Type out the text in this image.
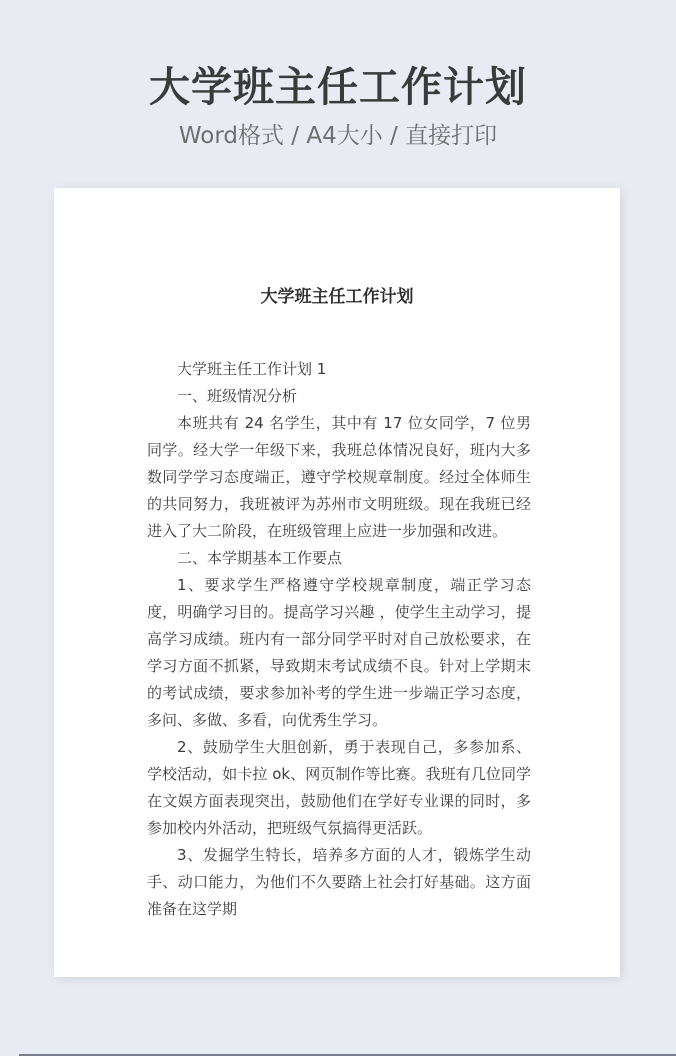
大学班主任工作计划

Word格式 / A4大小 / 直接打印

大学班主任工作计划

大学班主任工作计划 1

一、班级情况分析

本班共有 24 名学生，其中有 17 位女同学，7 位男同学。经大学一年级下来，我班总体情况良好，班内大多数同学学习态度端正，遵守学校规章制度。经过全体师生的共同努力，我班被评为苏州市文明班级。现在我班已经进入了大二阶段，在班级管理上应进一步加强和改进。

二、本学期基本工作要点

1、要求学生严格遵守学校规章制度，端正学习态度，明确学习目的。提高学习兴趣 ，使学生主动学习，提高学习成绩。班内有一部分同学平时对自己放松要求，在学习方面不抓紧，导致期末考试成绩不良。针对上学期末的考试成绩，要求参加补考的学生进一步端正学习态度，多问、多做、多看，向优秀生学习。

2、鼓励学生大胆创新，勇于表现自己，多参加系、学校活动，如卡拉 ok、网页制作等比赛。我班有几位同学在文娱方面表现突出，鼓励他们在学好专业课的同时，多参加校内外活动，把班级气氛搞得更活跃。

3、发掘学生特长，培养多方面的人才，锻炼学生动手、动口能力，为他们不久要踏上社会打好基础。这方面准备在这学期
